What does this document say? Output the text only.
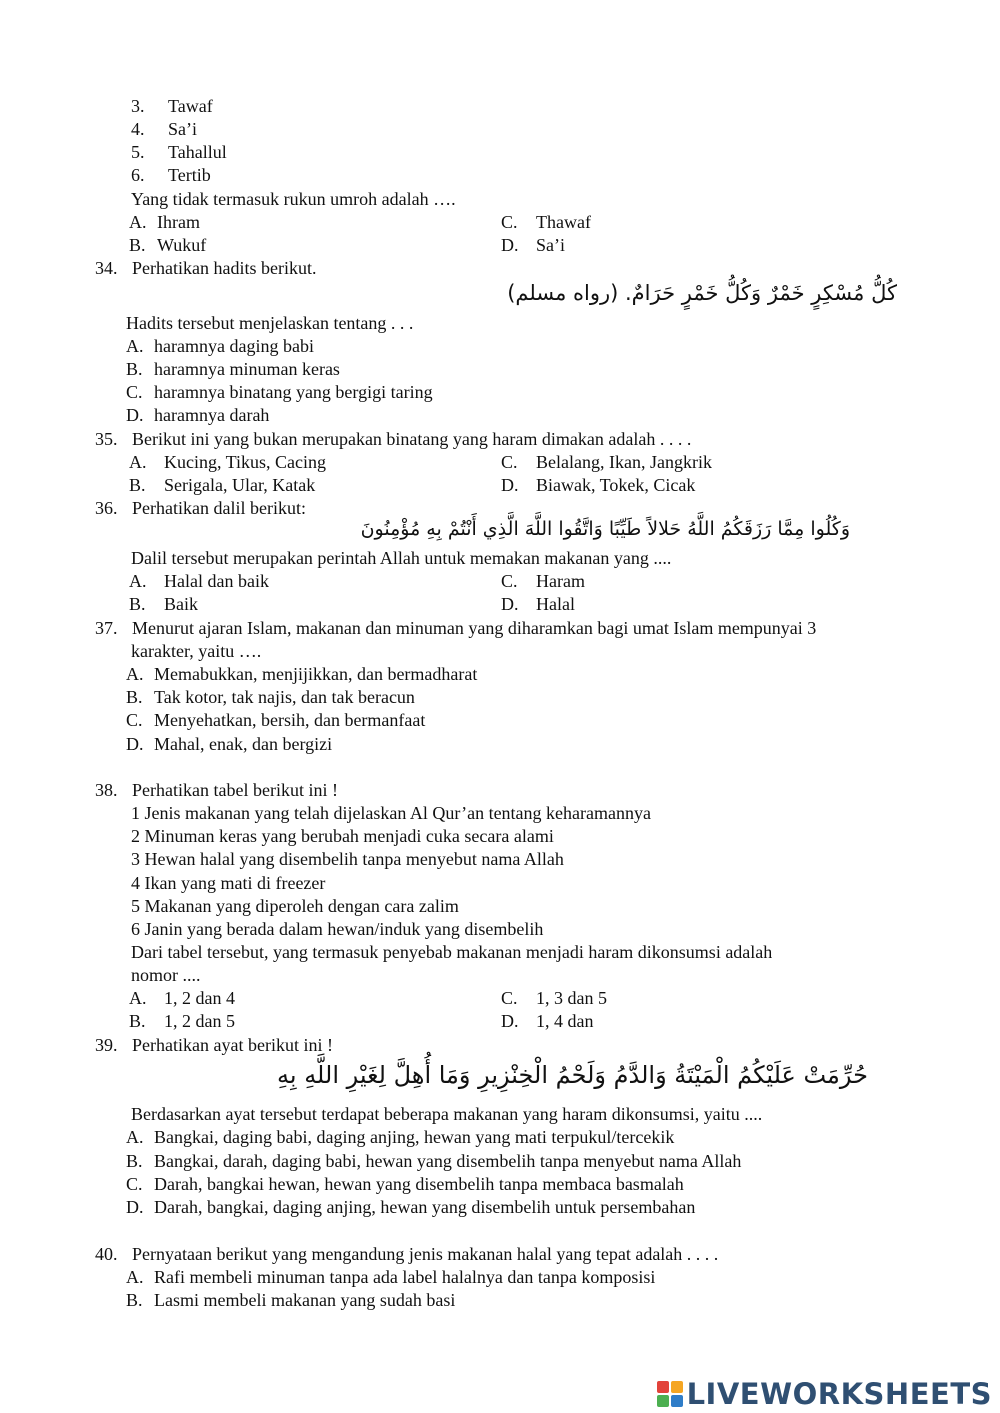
3. Tawaf
4. Sa’i
5. Tahallul
6. Tertib
Yang tidak termasuk rukun umroh adalah ….
A. Ihram	C. Thawaf
B. Wukuf	D. Sa’i
34. Perhatikan hadits berikut.
كُلُّ مُسْكِرٍ خَمْرٌ وَكُلُّ خَمْرٍ حَرَامٌ. (رواه مسلم)
Hadits tersebut menjelaskan tentang . . .
A. haramnya daging babi
B. haramnya minuman keras
C. haramnya binatang yang bergigi taring
D. haramnya darah
35. Berikut ini yang bukan merupakan binatang yang haram dimakan adalah . . . .
A. Kucing, Tikus, Cacing	C. Belalang, Ikan, Jangkrik
B. Serigala, Ular, Katak	D. Biawak, Tokek, Cicak
36. Perhatikan dalil berikut:
وَكُلُوا مِمَّا رَزَقَكُمُ اللَّهُ حَلالاً طَيِّبًا وَاتَّقُوا اللَّهَ الَّذِي أَنْتُمْ بِهِ مُؤْمِنُونَ
Dalil tersebut merupakan perintah Allah untuk memakan makanan yang ....
A. Halal dan baik	C. Haram
B. Baik	D. Halal
37. Menurut ajaran Islam, makanan dan minuman yang diharamkan bagi umat Islam mempunyai 3
karakter, yaitu ….
A. Memabukkan, menjijikkan, dan bermadharat
B. Tak kotor, tak najis, dan tak beracun
C. Menyehatkan, bersih, dan bermanfaat
D. Mahal, enak, dan bergizi
38. Perhatikan tabel berikut ini !
1 Jenis makanan yang telah dijelaskan Al Qur’an tentang keharamannya
2 Minuman keras yang berubah menjadi cuka secara alami
3 Hewan halal yang disembelih tanpa menyebut nama Allah
4 Ikan yang mati di freezer
5 Makanan yang diperoleh dengan cara zalim
6 Janin yang berada dalam hewan/induk yang disembelih
Dari tabel tersebut, yang termasuk penyebab makanan menjadi haram dikonsumsi adalah
nomor ....
A. 1, 2 dan 4	C. 1, 3 dan 5
B. 1, 2 dan 5	D. 1, 4 dan
39. Perhatikan ayat berikut ini !
حُرِّمَتْ عَلَيْكُمُ الْمَيْتَةُ وَالدَّمُ وَلَحْمُ الْخِنْزِيرِ وَمَا أُهِلَّ لِغَيْرِ اللَّهِ بِهِ
Berdasarkan ayat tersebut terdapat beberapa makanan yang haram dikonsumsi, yaitu ....
A. Bangkai, daging babi, daging anjing, hewan yang mati terpukul/tercekik
B. Bangkai, darah, daging babi, hewan yang disembelih tanpa menyebut nama Allah
C. Darah, bangkai hewan, hewan yang disembelih tanpa membaca basmalah
D. Darah, bangkai, daging anjing, hewan yang disembelih untuk persembahan
40. Pernyataan berikut yang mengandung jenis makanan halal yang tepat adalah . . . .
A. Rafi membeli minuman tanpa ada label halalnya dan tanpa komposisi
B. Lasmi membeli makanan yang sudah basi
LIVEWORKSHEETS
